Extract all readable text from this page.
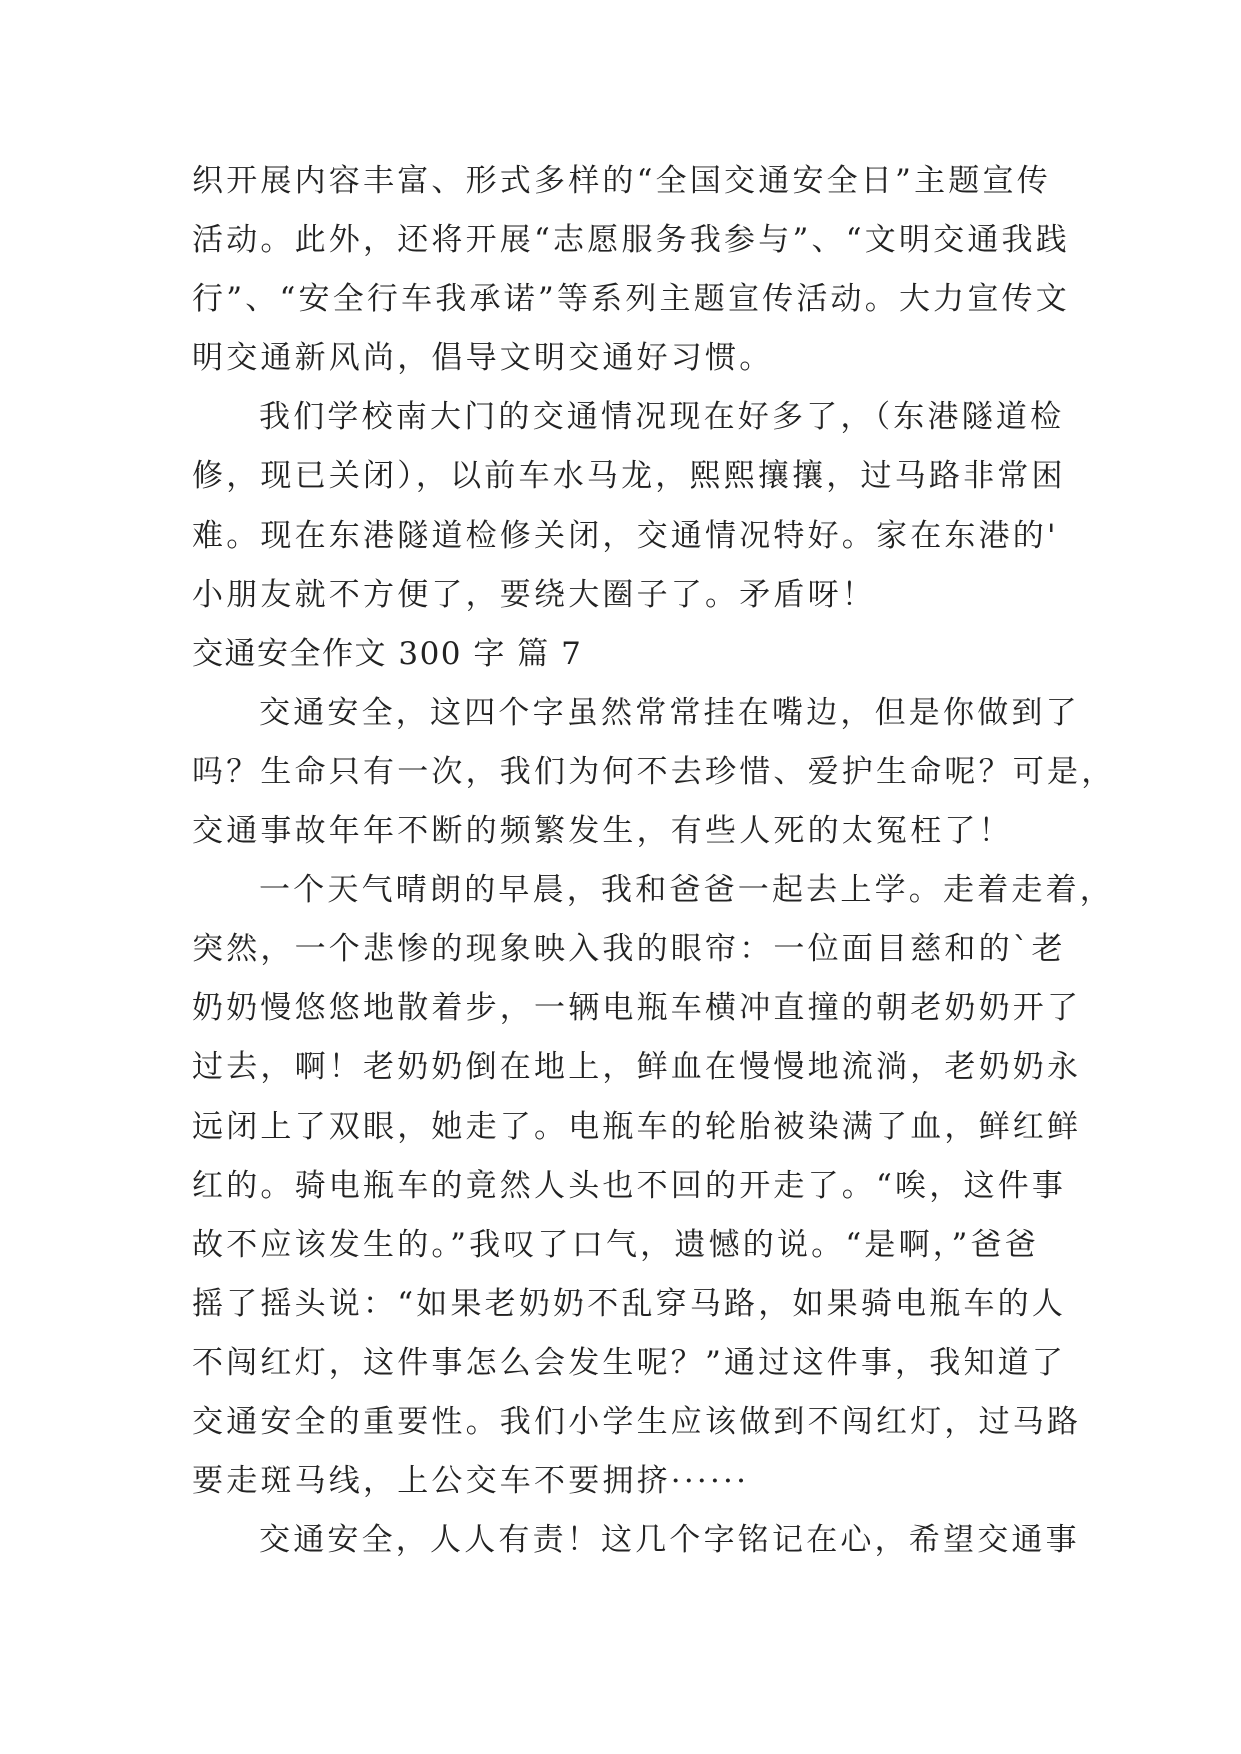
织开展内容丰富、形式多样的“全国交通安全日”主题宣传
活动。此外，还将开展“志愿服务我参与”、“文明交通我践
行”、“安全行车我承诺”等系列主题宣传活动。大力宣传文
明交通新风尚，倡导文明交通好习惯。
我们学校南大门的交通情况现在好多了，（东港隧道检
修，现已关闭），以前车水马龙，熙熙攘攘，过马路非常困
难。现在东港隧道检修关闭，交通情况特好。家在东港的'
小朋友就不方便了，要绕大圈子了。矛盾呀！
交通安全作文 300 字 篇 7
交通安全，这四个字虽然常常挂在嘴边，但是你做到了
吗？生命只有一次，我们为何不去珍惜、爱护生命呢？可是，
交通事故年年不断的频繁发生，有些人死的太冤枉了！
一个天气晴朗的早晨，我和爸爸一起去上学。走着走着，
突然，一个悲惨的现象映入我的眼帘：一位面目慈和的`老
奶奶慢悠悠地散着步，一辆电瓶车横冲直撞的朝老奶奶开了
过去，啊！老奶奶倒在地上，鲜血在慢慢地流淌，老奶奶永
远闭上了双眼，她走了。电瓶车的轮胎被染满了血，鲜红鲜
红的。骑电瓶车的竟然人头也不回的开走了。“唉，这件事
故不应该发生的。”我叹了口气，遗憾的说。“是啊，”爸爸
摇了摇头说：“如果老奶奶不乱穿马路，如果骑电瓶车的人
不闯红灯，这件事怎么会发生呢？”通过这件事，我知道了
交通安全的重要性。我们小学生应该做到不闯红灯，过马路
要走斑马线，上公交车不要拥挤······
交通安全，人人有责！这几个字铭记在心，希望交通事
